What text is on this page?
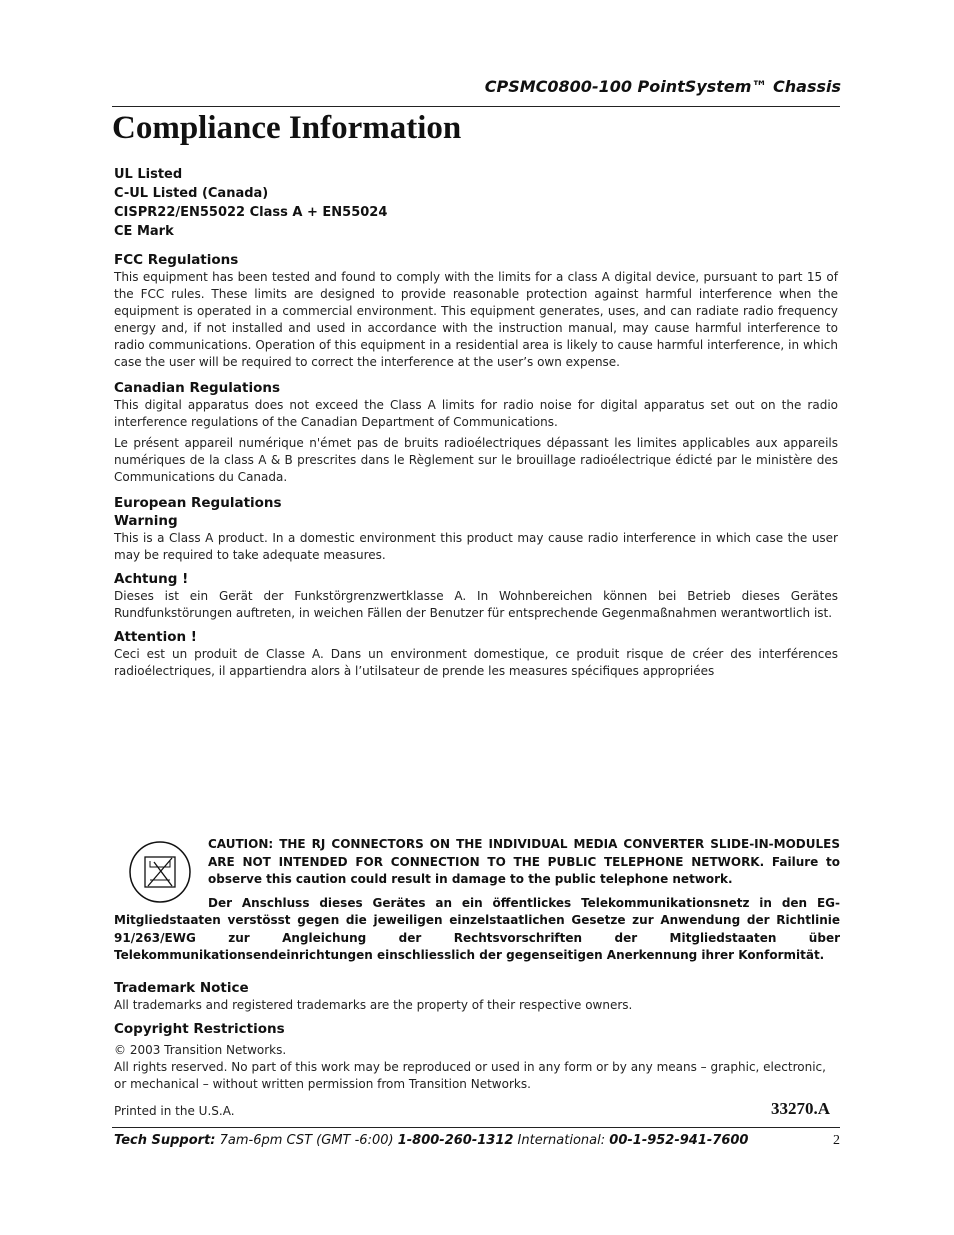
CPSMC0800-100 PointSystem™ Chassis
Compliance Information
UL Listed
C-UL Listed (Canada)
CISPR22/EN55022 Class A + EN55024
CE Mark
FCC Regulations
This equipment has been tested and found to comply with the limits for a class A digital device, pursuant to part 15 of the FCC rules. These limits are designed to provide reasonable protection against harmful interference when the equipment is operated in a commercial environment. This equipment generates, uses, and can radiate radio frequency energy and, if not installed and used in accordance with the instruction manual, may cause harmful interference to radio communications. Operation of this equipment in a residential area is likely to cause harmful interference, in which case the user will be required to correct the interference at the user’s own expense.
Canadian Regulations
This digital apparatus does not exceed the Class A limits for radio noise for digital apparatus set out on the radio interference regulations of the Canadian Department of Communications.
Le présent appareil numérique n'émet pas de bruits radioélectriques dépassant les limites applicables aux appareils numériques de la class A & B prescrites dans le Règlement sur le brouillage radioélectrique édicté par le ministère des Communications du Canada.
European Regulations
Warning
This is a Class A product. In a domestic environment this product may cause radio interference in which case the user may be required to take adequate measures.
Achtung !
Dieses ist ein Gerät der Funkstörgrenzwertklasse A. In Wohnbereichen können bei Betrieb dieses Gerätes Rundfunkstörungen auftreten, in weichen Fällen der Benutzer für entsprechende Gegenmaßnahmen werantwortlich ist.
Attention !
Ceci est un produit de Classe A. Dans un environment domestique, ce produit risque de créer des interférences radioélectriques, il appartiendra alors à l’utilsateur de prende les measures spécifiques appropriées
CAUTION: THE RJ CONNECTORS ON THE INDIVIDUAL MEDIA CONVERTER SLIDE-IN-MODULES ARE NOT INTENDED FOR CONNECTION TO THE PUBLIC TELEPHONE NETWORK. Failure to observe this caution could result in damage to the public telephone network.
Der Anschluss dieses Gerätes an ein öffentlickes Telekommunikationsnetz in den EG-Mitgliedstaaten verstösst gegen die jeweiligen einzelstaatlichen Gesetze zur Anwendung der Richtlinie 91/263/EWG zur Angleichung der Rechtsvorschriften der Mitgliedstaaten über Telekommunikationsendeinrichtungen einschliesslich der gegenseitigen Anerkennung ihrer Konformität.
Trademark Notice
All trademarks and registered trademarks are the property of their respective owners.
Copyright Restrictions
© 2003 Transition Networks.
All rights reserved. No part of this work may be reproduced or used in any form or by any means – graphic, electronic, or mechanical – without written permission from Transition Networks.
Printed in the U.S.A.	33270.A
Tech Support: 7am-6pm CST (GMT -6:00) 1-800-260-1312 International: 00-1-952-941-7600	2
